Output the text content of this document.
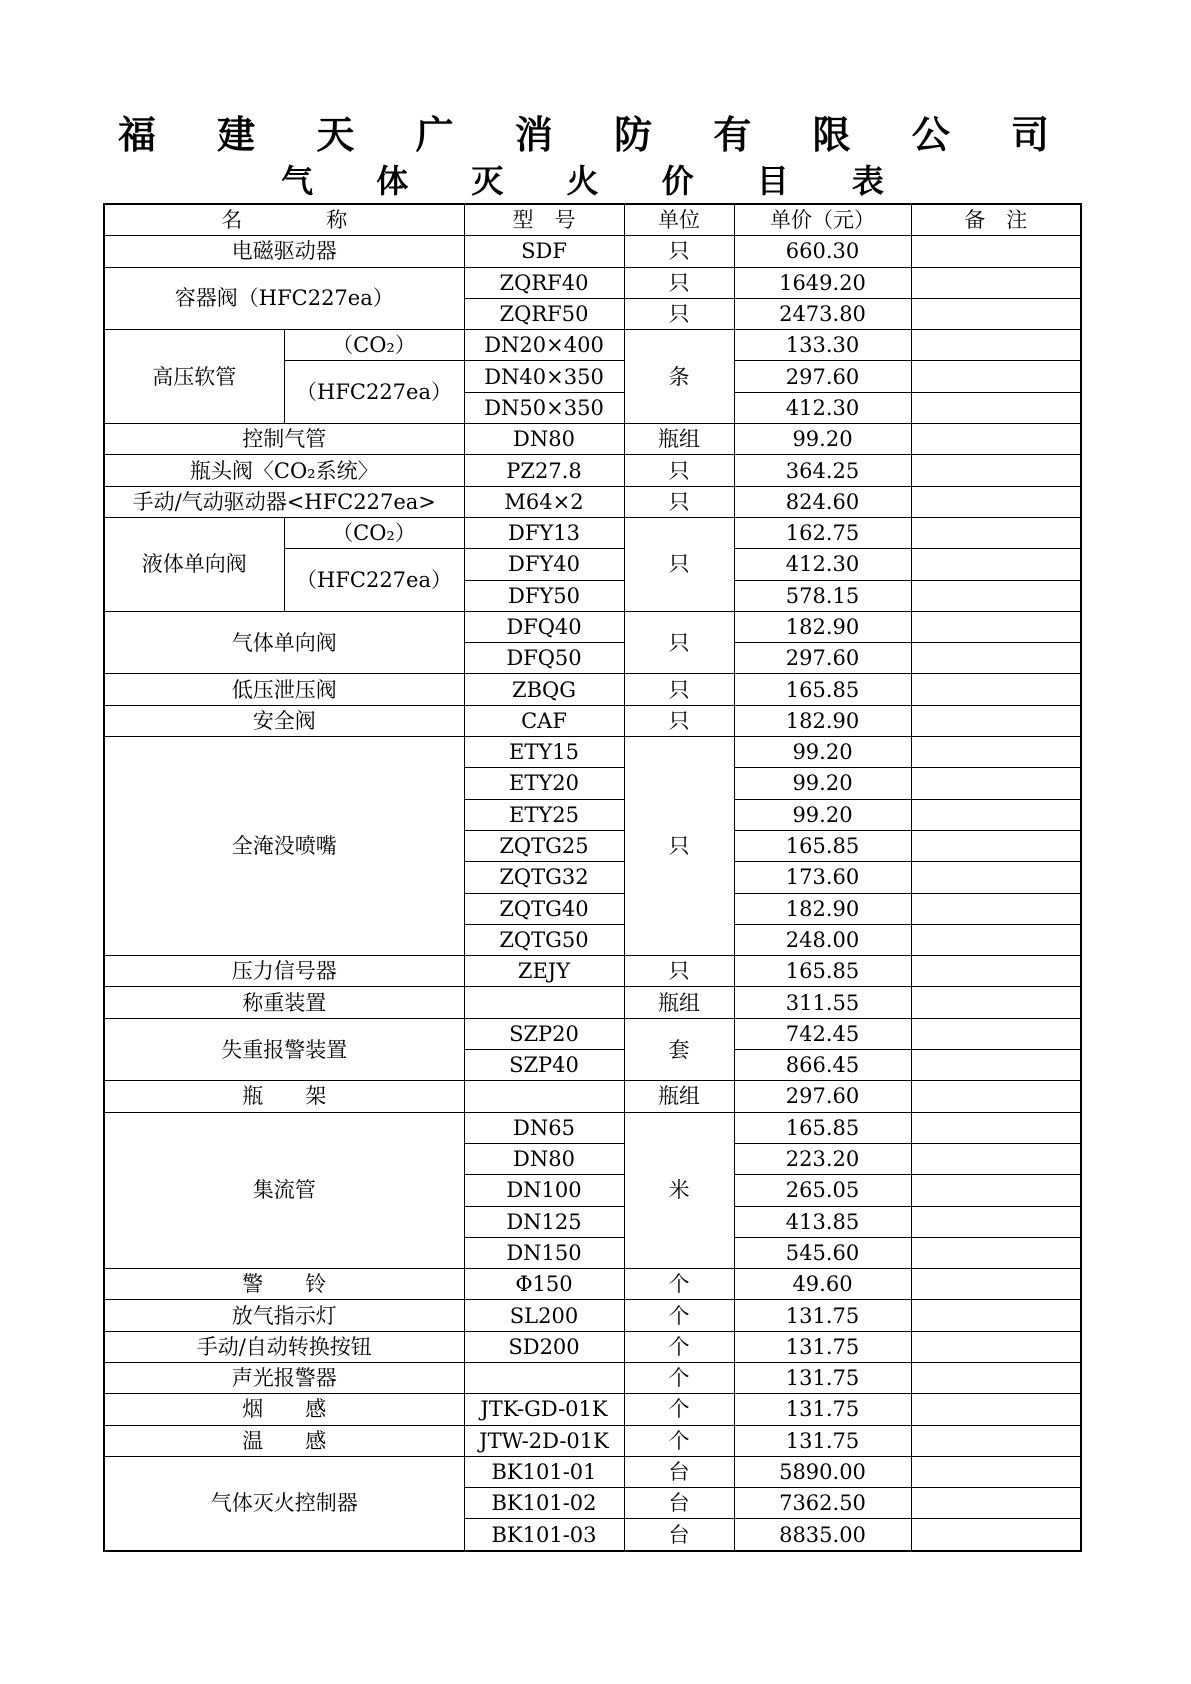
福 建 天 广 消 防 有 限 公 司
气 体 灭 火 价 目 表
名　　　　称		型　号	单位	单价（元）	备　注
电磁驱动器		SDF	只	660.30	
容器阀（HFC227ea）		ZQRF40	只	1649.20	
		ZQRF50	只	2473.80	
高压软管	（CO₂）	DN20×400	条	133.30	
	（HFC227ea）	DN40×350		297.60	
		DN50×350		412.30	
控制气管		DN80	瓶组	99.20	
瓶头阀〈CO₂系统〉		PZ27.8	只	364.25	
手动/气动驱动器<HFC227ea>		M64×2	只	824.60	
液体单向阀	（CO₂）	DFY13	只	162.75	
	（HFC227ea）	DFY40		412.30	
		DFY50		578.15	
气体单向阀		DFQ40	只	182.90	
		DFQ50		297.60	
低压泄压阀		ZBQG	只	165.85	
安全阀		CAF	只	182.90	
全淹没喷嘴		ETY15	只	99.20	
		ETY20		99.20	
		ETY25		99.20	
		ZQTG25		165.85	
		ZQTG32		173.60	
		ZQTG40		182.90	
		ZQTG50		248.00	
压力信号器		ZEJY	只	165.85	
称重装置			瓶组	311.55	
失重报警装置		SZP20	套	742.45	
		SZP40		866.45	
瓶　　架			瓶组	297.60	
集流管		DN65	米	165.85	
		DN80		223.20	
		DN100		265.05	
		DN125		413.85	
		DN150		545.60	
警　　铃		Φ150	个	49.60	
放气指示灯		SL200	个	131.75	
手动/自动转换按钮		SD200	个	131.75	
声光报警器			个	131.75	
烟　　感		JTK-GD-01K	个	131.75	
温　　感		JTW-2D-01K	个	131.75	
气体灭火控制器		BK101-01	台	5890.00	
		BK101-02	台	7362.50	
		BK101-03	台	8835.00	
